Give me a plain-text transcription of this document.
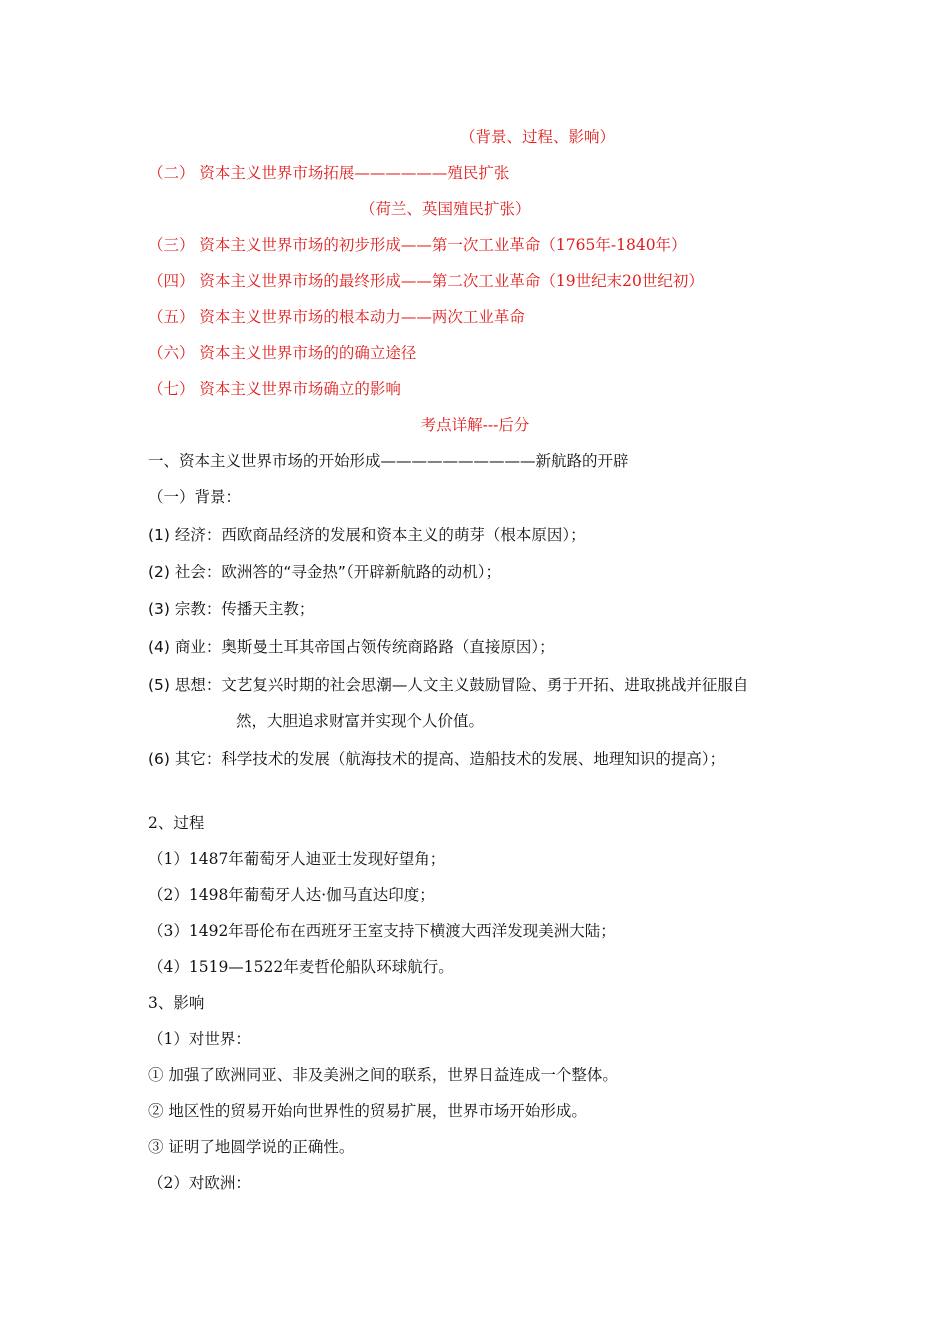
（背景、过程、影响）
（二） 资本主义世界市场拓展——————殖民扩张
（荷兰、英国殖民扩张）
（三） 资本主义世界市场的初步形成——第一次工业革命（1765年-1840年）
（四） 资本主义世界市场的最终形成——第二次工业革命（19世纪末20世纪初）
（五） 资本主义世界市场的根本动力——两次工业革命
（六） 资本主义世界市场的的确立途径
（七） 资本主义世界市场确立的影响
考点详解---后分
一、资本主义世界市场的开始形成——————————新航路的开辟
（一）背景：
(1) 经济：西欧商品经济的发展和资本主义的萌芽（根本原因）；
(2) 社会：欧洲答的“寻金热”（开辟新航路的动机）；
(3) 宗教：传播天主教；
(4) 商业：奥斯曼土耳其帝国占领传统商路路（直接原因）；
(5) 思想：文艺复兴时期的社会思潮—人文主义鼓励冒险、勇于开拓、进取挑战并征服自
然，大胆追求财富并实现个人价值。
(6) 其它：科学技术的发展（航海技术的提高、造船技术的发展、地理知识的提高）；
2、过程
（1）1487年葡萄牙人迪亚士发现好望角；
（2）1498年葡萄牙人达·伽马直达印度；
（3）1492年哥伦布在西班牙王室支持下横渡大西洋发现美洲大陆；
（4）1519—1522年麦哲伦船队环球航行。
3、影响
（1）对世界：
① 加强了欧洲同亚、非及美洲之间的联系，世界日益连成一个整体。
② 地区性的贸易开始向世界性的贸易扩展，世界市场开始形成。
③ 证明了地圆学说的正确性。
（2）对欧洲：
